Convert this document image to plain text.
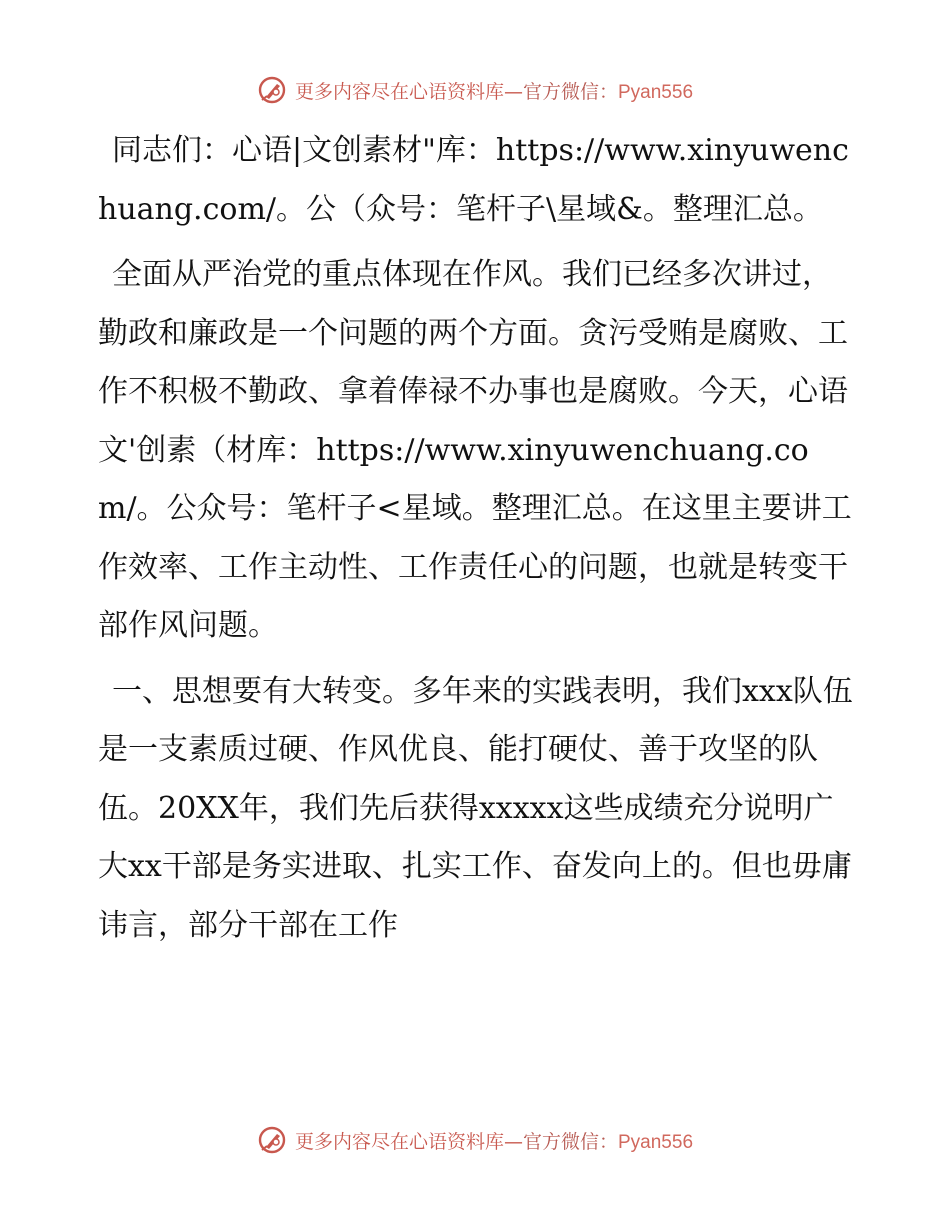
更多内容尽在心语资料库—官方微信：Pyan556

同志们：心语|文创素材"库：https://www.xinyuwenchuang.com/。公（众号：笔杆子\星域&。整理汇总。

全面从严治党的重点体现在作风。我们已经多次讲过，勤政和廉政是一个问题的两个方面。贪污受贿是腐败、工作不积极不勤政、拿着俸禄不办事也是腐败。今天，心语文'创素（材库：https://www.xinyuwenchuang.com/。公众号：笔杆子<星域。整理汇总。在这里主要讲工作效率、工作主动性、工作责任心的问题，也就是转变干部作风问题。

一、思想要有大转变。多年来的实践表明，我们xxx队伍是一支素质过硬、作风优良、能打硬仗、善于攻坚的队伍。20XX年，我们先后获得xxxxx这些成绩充分说明广大xx干部是务实进取、扎实工作、奋发向上的。但也毋庸讳言，部分干部在工作

更多内容尽在心语资料库—官方微信：Pyan556
